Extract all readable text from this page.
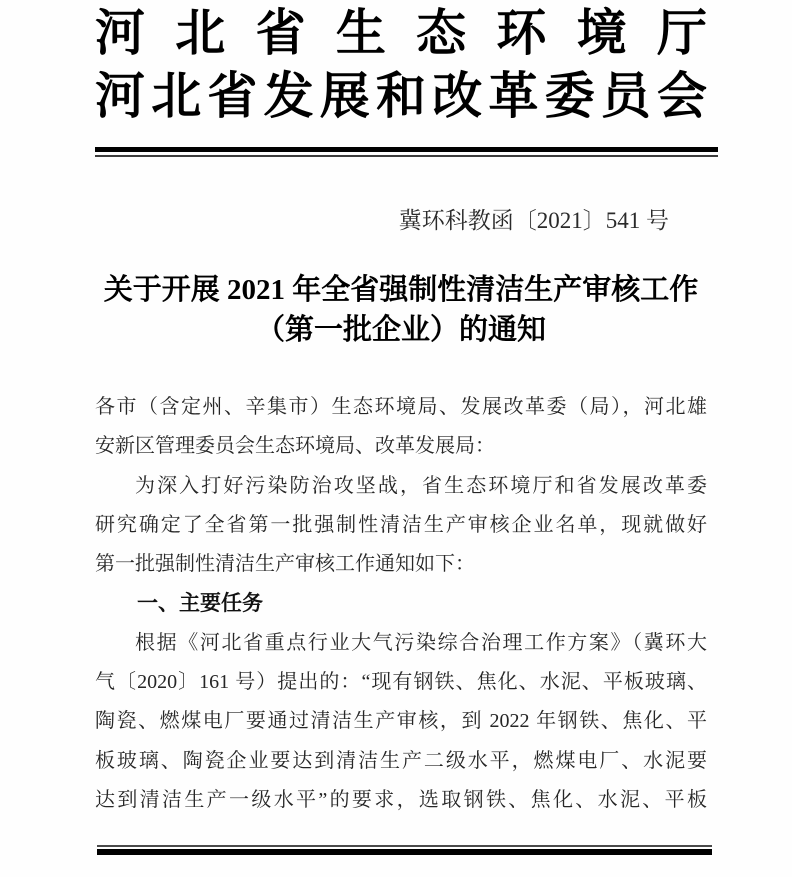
河北省生态环境厅
河北省发展和改革委员会
冀环科教函〔2021〕541 号
关于开展 2021 年全省强制性清洁生产审核工作
（第一批企业）的通知
各市（含定州、辛集市）生态环境局、发展改革委（局），河北雄
安新区管理委员会生态环境局、改革发展局：
为深入打好污染防治攻坚战，省生态环境厅和省发展改革委
研究确定了全省第一批强制性清洁生产审核企业名单，现就做好
第一批强制性清洁生产审核工作通知如下：
一、主要任务
根据《河北省重点行业大气污染综合治理工作方案》（冀环大
气〔2020〕161 号）提出的：“现有钢铁、焦化、水泥、平板玻璃、
陶瓷、燃煤电厂要通过清洁生产审核，到 2022 年钢铁、焦化、平
板玻璃、陶瓷企业要达到清洁生产二级水平，燃煤电厂、水泥要
达到清洁生产一级水平”的要求，选取钢铁、焦化、水泥、平板
